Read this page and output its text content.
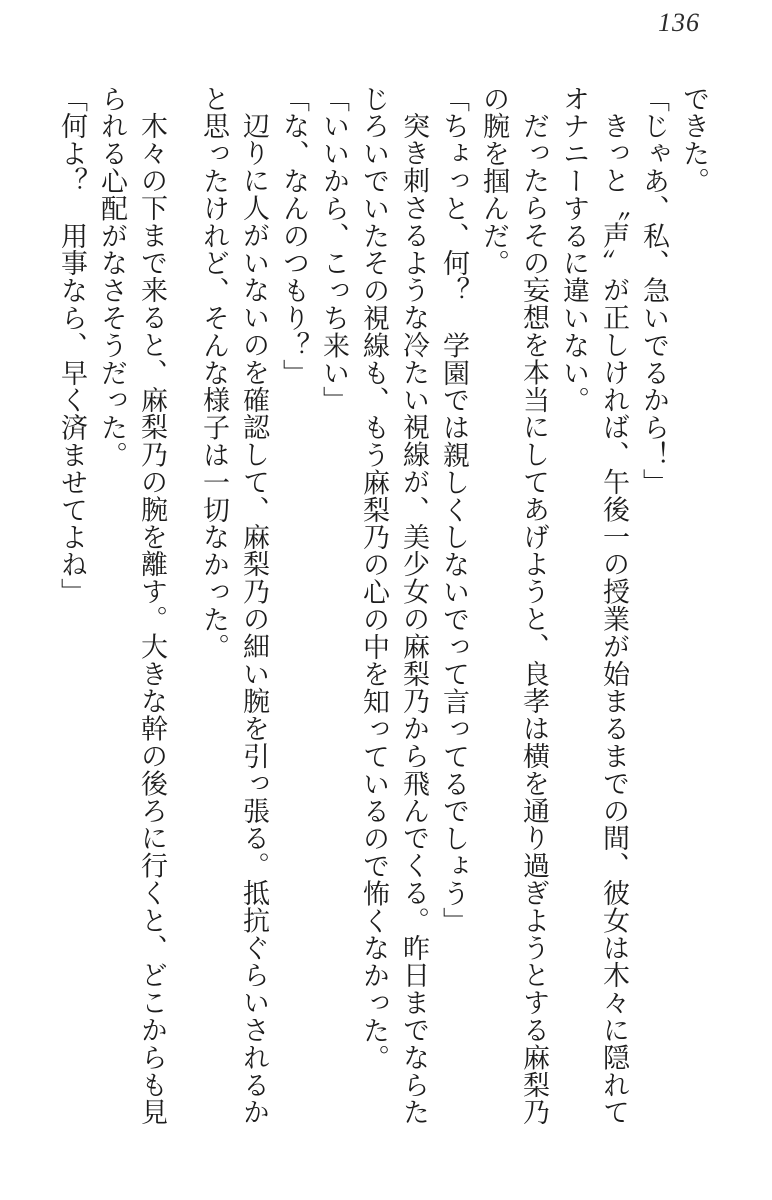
136

できた。

「じゃあ、私、急いでるから！」

きっと〝声〞が正しければ、午後一の授業が始まるまでの間、彼女は木々に隠れて

オナニーするに違いない。

だったらその妄想を本当にしてあげようと、良孝は横を通り過ぎようとする麻梨乃

の腕を掴んだ。

「ちょっと、何？　学園では親しくしないでって言ってるでしょう」

突き刺さるような冷たい視線が、美少女の麻梨乃から飛んでくる。昨日までならた

じろいでいたその視線も、もう麻梨乃の心の中を知っているので怖くなかった。

「いいから、こっち来い」

「な、なんのつもり？」

辺りに人がいないのを確認して、麻梨乃の細い腕を引っ張る。抵抗ぐらいされるか

と思ったけれど、そんな様子は一切なかった。

木々の下まで来ると、麻梨乃の腕を離す。大きな幹の後ろに行くと、どこからも見

られる心配がなさそうだった。

「何よ？　用事なら、早く済ませてよね」
